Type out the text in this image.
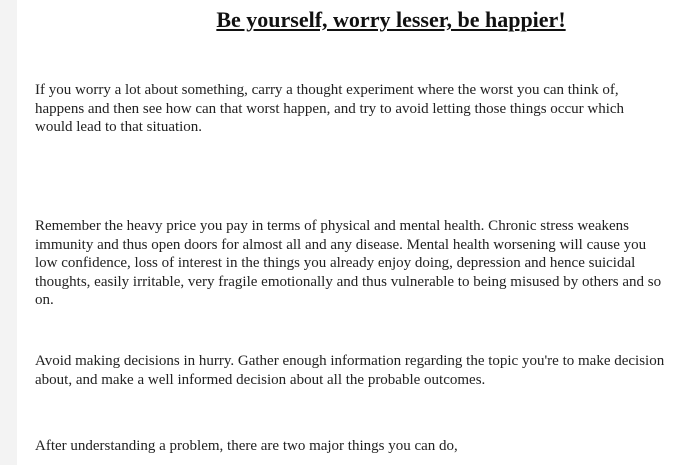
Be yourself, worry lesser, be happier!

If you worry a lot about something, carry a thought experiment where the worst you can think of, happens and then see how can that worst happen, and try to avoid letting those things occur which would lead to that situation.

Remember the heavy price you pay in terms of physical and mental health. Chronic stress weakens immunity and thus open doors for almost all and any disease. Mental health worsening will cause you low confidence, loss of interest in the things you already enjoy doing, depression and hence suicidal thoughts, easily irritable, very fragile emotionally and thus vulnerable to being misused by others and so on.

Avoid making decisions in hurry. Gather enough information regarding the topic you're to make decision about, and make a well informed decision about all the probable outcomes.

After understanding a problem, there are two major things you can do,
